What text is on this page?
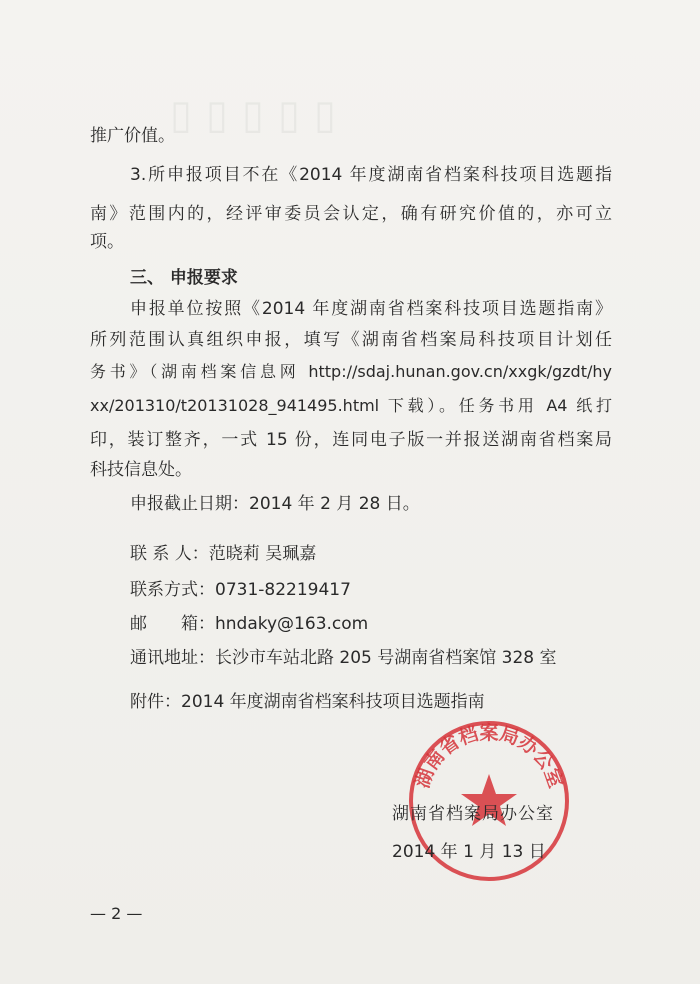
▯▯▯▯▯
推广价值。
3.所申报项目不在《2014 年度湖南省档案科技项目选题指
南》范围内的，经评审委员会认定，确有研究价值的，亦可立
项。
三、 申报要求
申报单位按照《2014 年度湖南省档案科技项目选题指南》
所列范围认真组织申报，填写《湖南省档案局科技项目计划任
务书》（湖南档案信息网 http://sdaj.hunan.gov.cn/xxgk/gzdt/hy
xx/201310/t20131028_941495.html 下载）。任务书用 A4 纸打
印，装订整齐，一式 15 份，连同电子版一并报送湖南省档案局
科技信息处。
申报截止日期：2014 年 2 月 28 日。
联 系 人：范晓莉 吴珮嘉
联系方式：0731-82219417
邮　　箱：hndaky@163.com
通讯地址：长沙市车站北路 205 号湖南省档案馆 328 室
附件：2014 年度湖南省档案科技项目选题指南
湖南省档案局办公室
湖南省档案局办公室
2014 年 1 月 13 日
— 2 —
